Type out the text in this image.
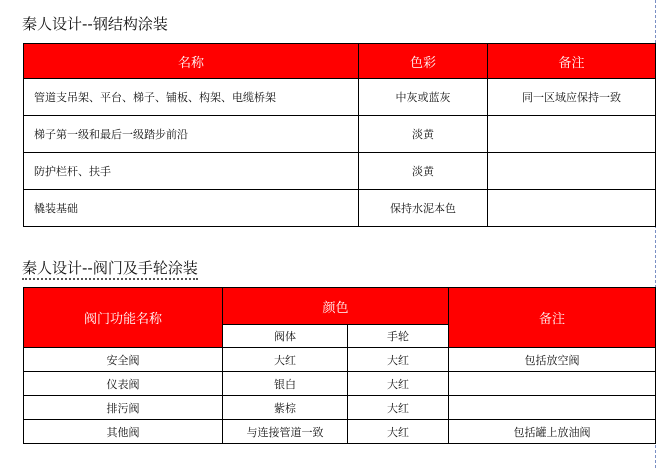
秦人设计--钢结构涂装
名称	色彩	备注
管道支吊架、平台、梯子、铺板、构架、电缆桥架	中灰或蓝灰	同一区域应保持一致
梯子第一级和最后一级踏步前沿	淡黄	
防护栏杆、扶手	淡黄	
橇装基础	保持水泥本色	
秦人设计--阀门及手轮涂装
阀门功能名称	颜色		备注
	阀体	手轮	
安全阀	大红	大红	包括放空阀
仪表阀	银白	大红	
排污阀	紫棕	大红	
其他阀	与连接管道一致	大红	包括罐上放油阀
